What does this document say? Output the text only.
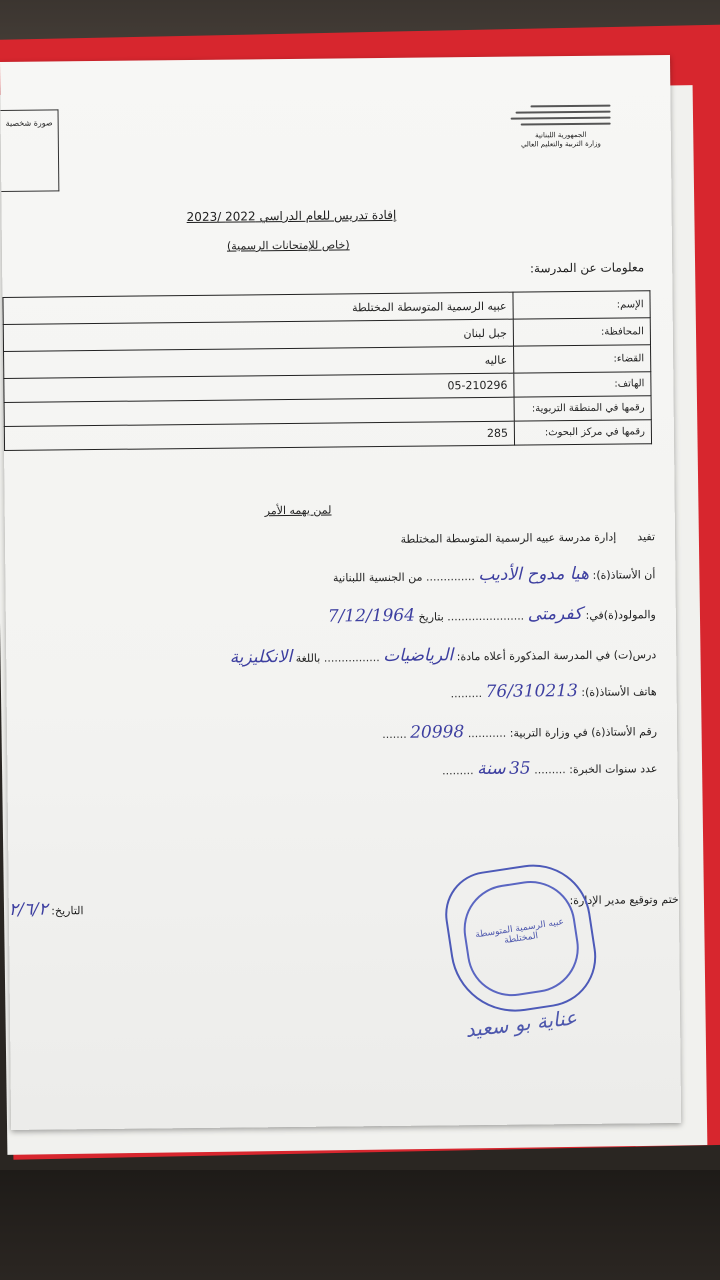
صورة شخصية
الجمهورية اللبنانية
وزارة التربية والتعليم العالي
إفادة تدريس للعام الدراسي 2022 /2023
(خاص للإمتحانات الرسمية)
معلومات عن المدرسة:
الإسم:	عبيه الرسمية المتوسطة المختلطة
المحافظة:	جبل لبنان
القضاء:	عاليه
الهاتف:	05-210296
رقمها في المنطقة التربوية:	
رقمها في مركز البحوث:	285
لمن يهمه الأمر
تفيد      إدارة مدرسة عبيه الرسمية المتوسطة المختلطة
أن الأستاذ(ة): هيا مدوح الأديب .............. من الجنسية اللبنانية
والمولود(ة)في: كفرمتى ...................... بتاريخ 7/12/1964
درس(ت) في المدرسة المذكورة أعلاه مادة: الرياضيات ................ باللغة الانكليزية
هاتف الأستاذ(ة): 76/310213 .........
رقم الأستاذ(ة) في وزارة التربية: ........... 20998 .......
عدد سنوات الخبرة: ......... 35 سنة .........
التاريخ: ٢/٦/٢	ختم وتوقيع مدير الإدارة:
عبيه الرسمية المتوسطة المختلطة
عناية بو سعيد
